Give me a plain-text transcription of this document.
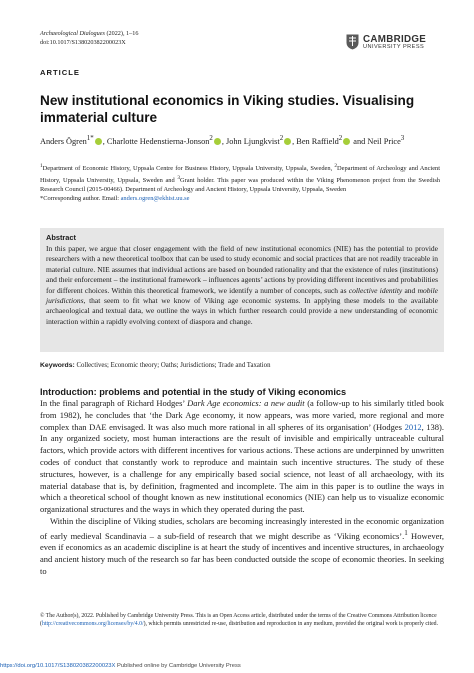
Archaeological Dialogues (2022), 1–16
doi:10.1017/S138020382200023X	CAMBRIDGE
UNIVERSITY PRESS
ARTICLE
New institutional economics in Viking studies. Visualising immaterial culture
Anders Ögren$^{1*}$ , Charlotte Hedenstierna-Jonson$^2$ , John Ljungkvist$^2$ , Ben Raffield$^2$ and Neil Price$^3$
$^1$Department of Economic History, Uppsala Centre for Business History, Uppsala University, Uppsala, Sweden, $^2$Department of Archeology and Ancient History, Uppsala University, Uppsala, Sweden and $^3$Grant holder. This paper was produced within the Viking Phenomenon project from the Swedish Research Council (2015-00466). Department of Archeology and Ancient History, Uppsala University, Uppsala, Sweden
*Corresponding author. Email: anders.ogren@ekhist.uu.se
Abstract
In this paper, we argue that closer engagement with the field of new institutional economics (NIE) has the potential to provide researchers with a new theoretical toolbox that can be used to study economic and social practices that are not readily traceable in material culture. NIE assumes that individual actions are based on bounded rationality and that the existence of rules (institutions) and their enforcement – the institutional framework – influences agents’ actions by providing different incentives and probabilities for different choices. Within this theoretical framework, we identify a number of concepts, such as collective identity and mobile jurisdictions, that seem to fit what we know of Viking age economic systems. In applying these models to the available archaeological and textual data, we outline the ways in which further research could provide a new understanding of economic interaction within a rapidly evolving context of diaspora and change.
Keywords: Collectives; Economic theory; Oaths; Jurisdictions; Trade and Taxation
Introduction: problems and potential in the study of Viking economics

In the final paragraph of Richard Hodges’ Dark Age economics: a new audit (a follow-up to his similarly titled book from 1982), he concludes that ‘the Dark Age economy, it now appears, was more varied, more regional and more complex than DAE envisaged. It was also much more rational in all spheres of its organisation’ (Hodges 2012, 138). In any organized society, most human interactions are the result of invisible and empirically untraceable cultural factors, which provide actors with different incentives for various actions. These actions are underpinned by unwritten codes of conduct that constantly work to reproduce and maintain such incentive structures. The study of these structures, however, is a challenge for any empirically based social science, not least of all archaeology, with its material database that is, by definition, fragmented and incomplete. The aim in this paper is to outline the ways in which a theoretical school of thought known as new institutional economics (NIE) can help us to visualize economic organizational structures and the ways in which they operated during the past.

Within the discipline of Viking studies, scholars are becoming increasingly interested in the economic organization of early medieval Scandinavia – a sub-field of research that we might describe as ‘Viking economics’.$^1$ However, even if economics as an academic discipline is at heart the study of incentives and incentive structures, in archaeology and ancient history much of the research so far has been conducted outside the scope of economic theories. In seeking to

© The Author(s), 2022. Published by Cambridge University Press. This is an Open Access article, distributed under the terms of the Creative Commons Attribution licence (http://creativecommons.org/licenses/by/4.0/), which permits unrestricted re-use, distribution and reproduction in any medium, provided the original work is properly cited.
https://doi.org/10.1017/S138020382200023X Published online by Cambridge University Press
